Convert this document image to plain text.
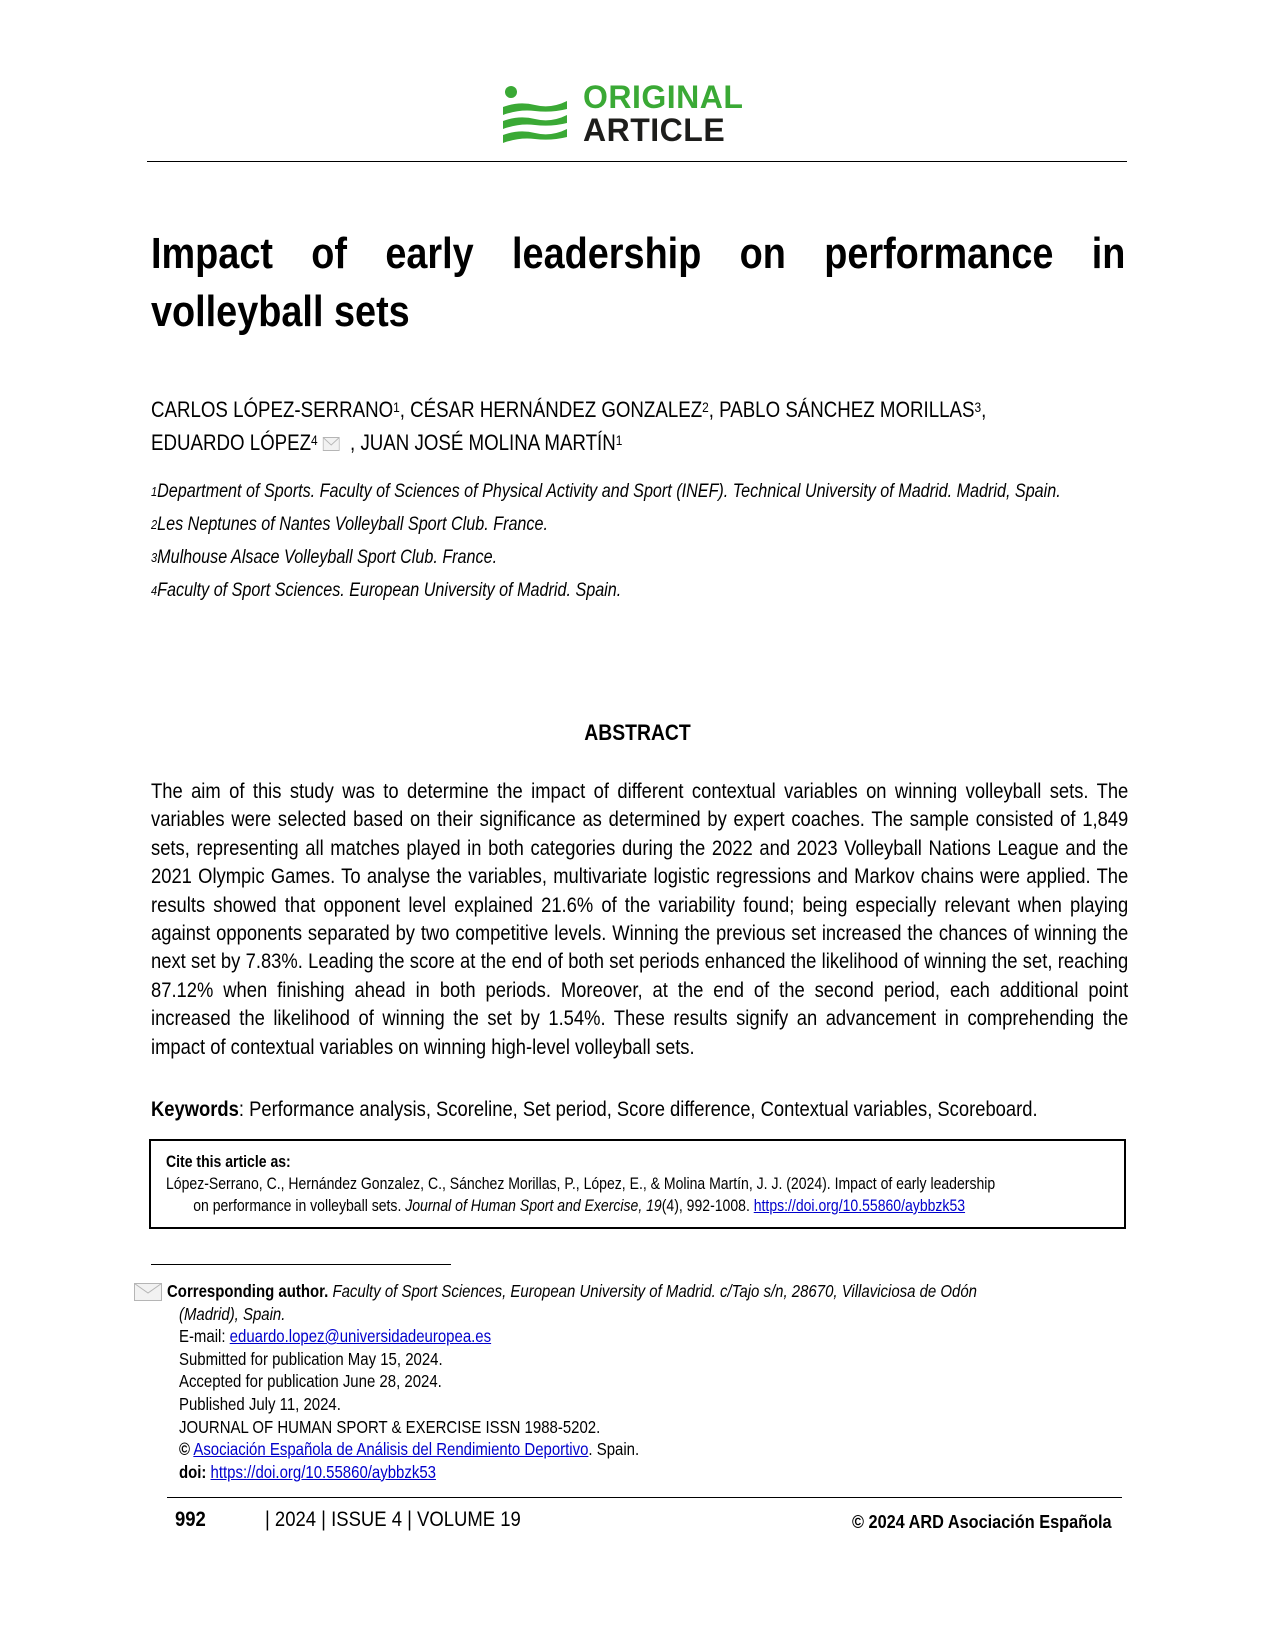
ORIGINAL
ARTICLE
Impact of early leadership on performance in volleyball sets
CARLOS LÓPEZ-SERRANO$^1$, CÉSAR HERNÁNDEZ GONZALEZ$^2$, PABLO SÁNCHEZ MORILLAS$^3$,
EDUARDO LÓPEZ$^4$ , JUAN JOSÉ MOLINA MARTÍN$^1$

$^1$Department of Sports. Faculty of Sciences of Physical Activity and Sport (INEF). Technical University of Madrid. Madrid, Spain.

$^2$Les Neptunes of Nantes Volleyball Sport Club. France.

$^3$Mulhouse Alsace Volleyball Sport Club. France.

$^4$Faculty of Sport Sciences. European University of Madrid. Spain.

ABSTRACT
The aim of this study was to determine the impact of different contextual variables on winning volleyball sets. The variables were selected based on their significance as determined by expert coaches. The sample consisted of 1,849 sets, representing all matches played in both categories during the 2022 and 2023 Volleyball Nations League and the 2021 Olympic Games. To analyse the variables, multivariate logistic regressions and Markov chains were applied. The results showed that opponent level explained 21.6% of the variability found; being especially relevant when playing against opponents separated by two competitive levels. Winning the previous set increased the chances of winning the next set by 7.83%. Leading the score at the end of both set periods enhanced the likelihood of winning the set, reaching 87.12% when finishing ahead in both periods. Moreover, at the end of the second period, each additional point increased the likelihood of winning the set by 1.54%. These results signify an advancement in comprehending the impact of contextual variables on winning high-level volleyball sets.
Keywords: Performance analysis, Scoreline, Set period, Score difference, Contextual variables, Scoreboard.
Cite this article as:
López-Serrano, C., Hernández Gonzalez, C., Sánchez Morillas, P., López, E., & Molina Martín, J. J. (2024). Impact of early leadership
on performance in volleyball sets. Journal of Human Sport and Exercise, 19(4), 992-1008. https://doi.org/10.55860/aybbzk53
Corresponding author. Faculty of Sport Sciences, European University of Madrid. c/Tajo s/n, 28670, Villaviciosa de Odón
(Madrid), Spain.
E-mail: eduardo.lopez@universidadeuropea.es
Submitted for publication May 15, 2024.
Accepted for publication June 28, 2024.
Published July 11, 2024.
JOURNAL OF HUMAN SPORT & EXERCISE ISSN 1988-5202.
© Asociación Española de Análisis del Rendimiento Deportivo. Spain.
doi: https://doi.org/10.55860/aybbzk53
992	| 2024 | ISSUE 4 | VOLUME 19	© 2024 ARD Asociación Española
